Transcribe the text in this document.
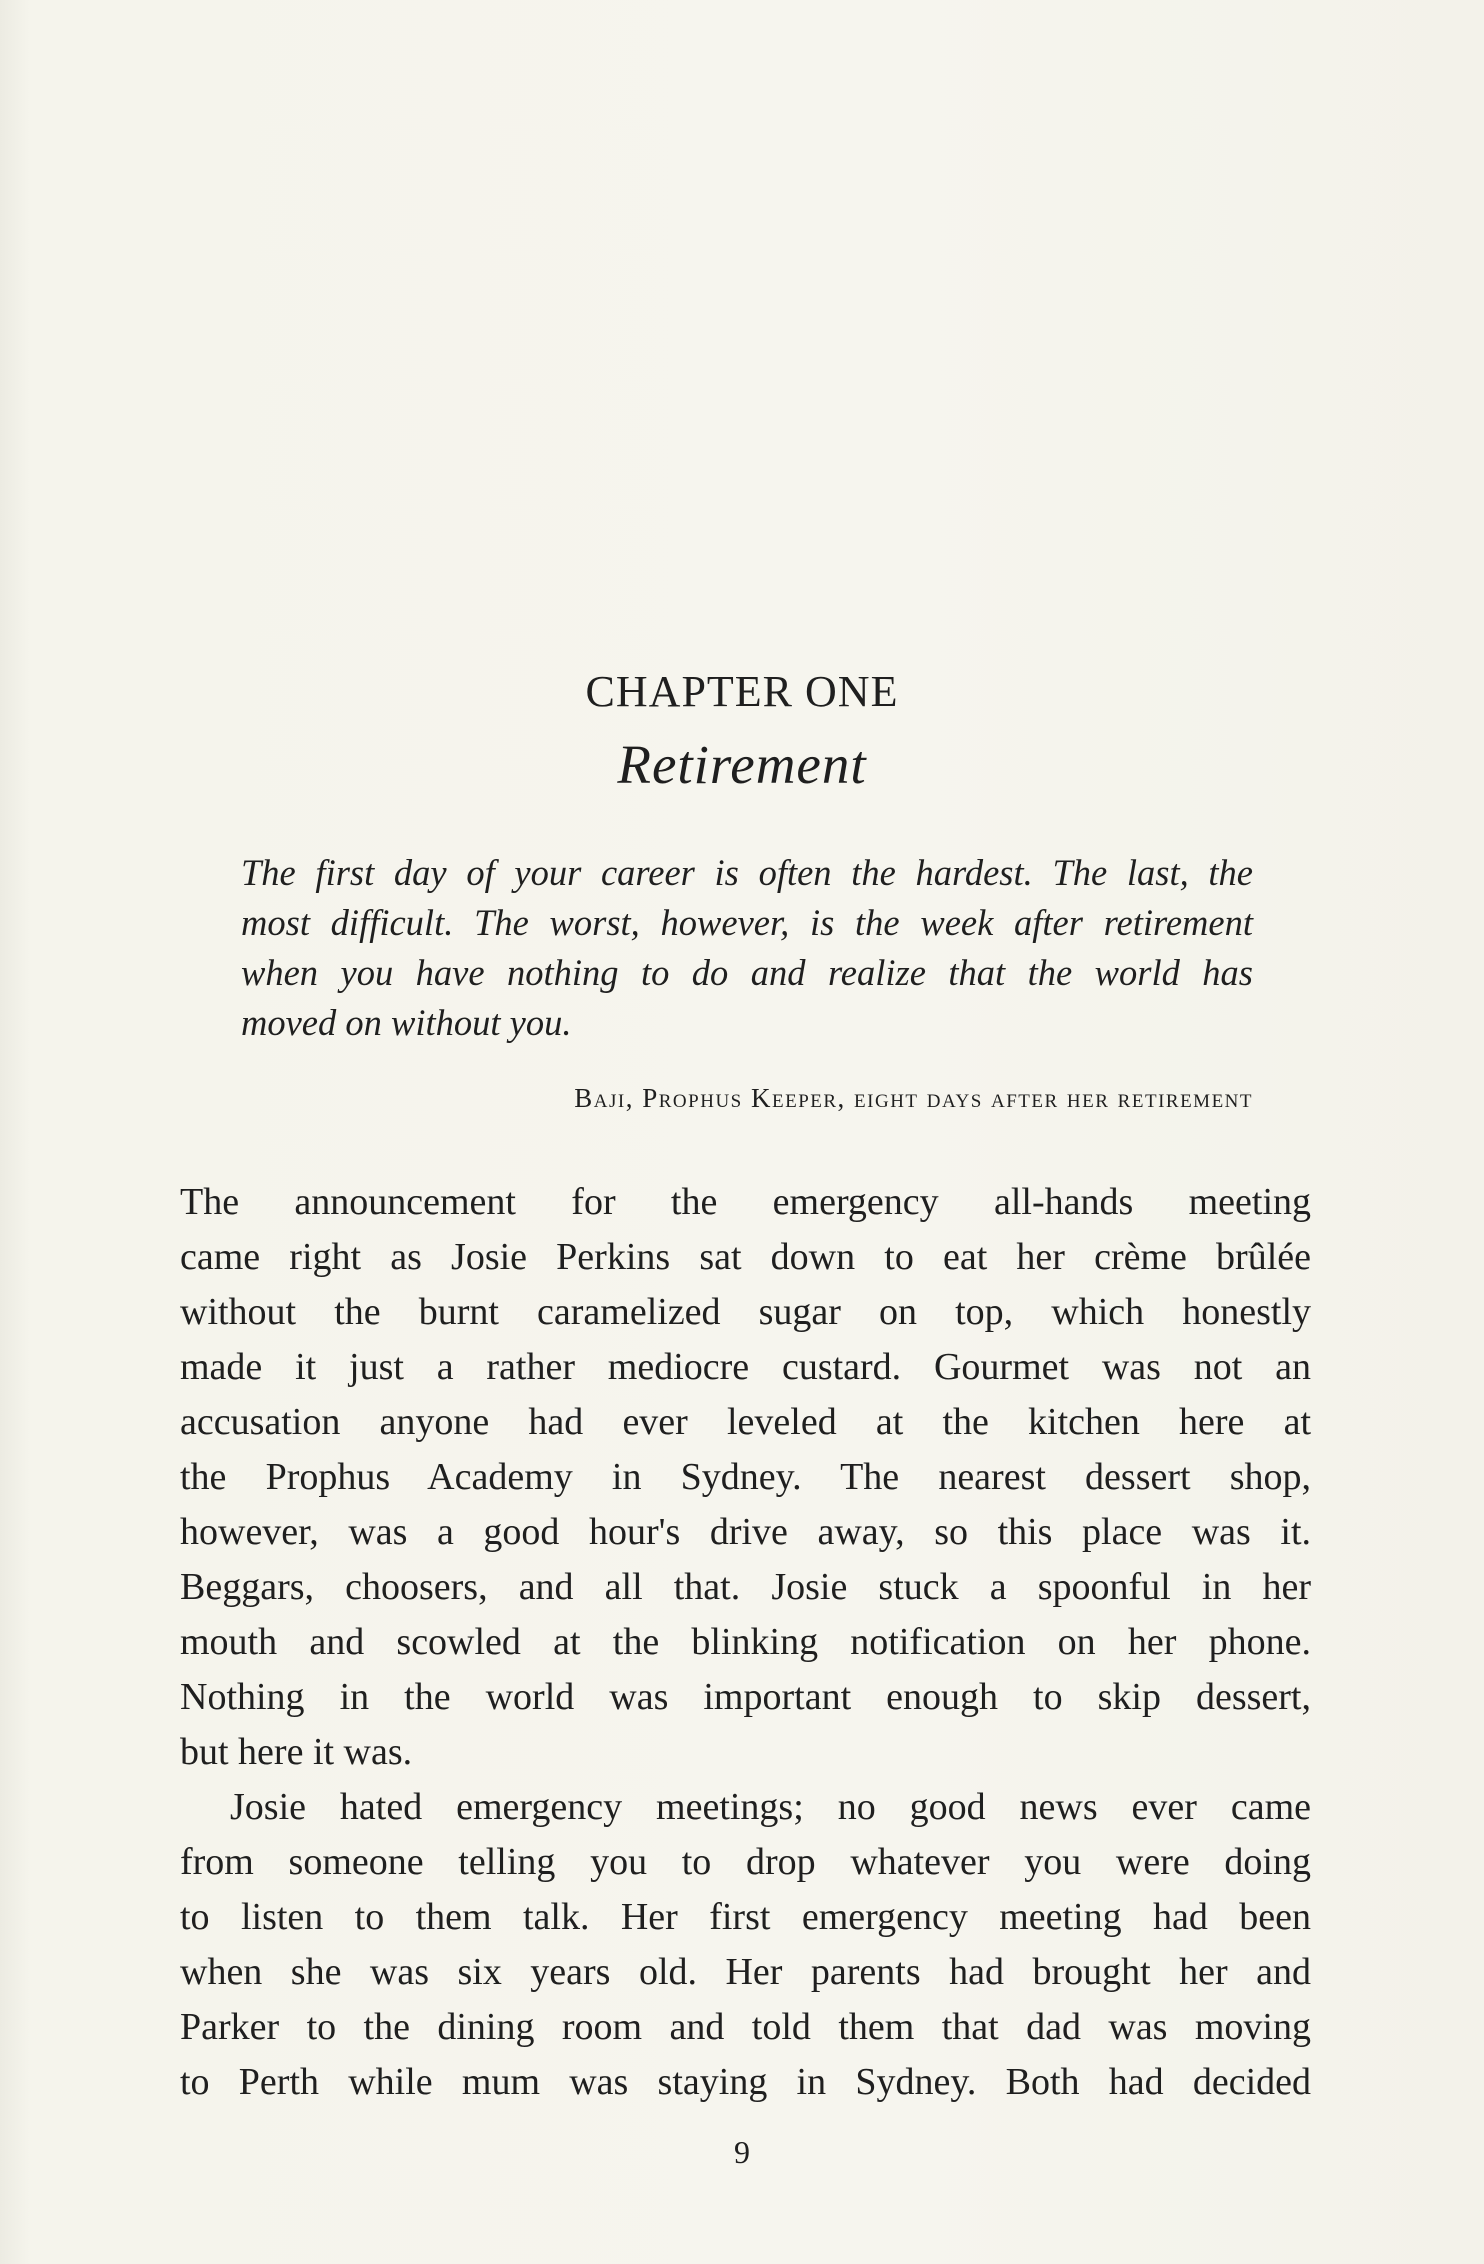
CHAPTER ONE
Retirement
The first day of your career is often the hardest. The last, the
most difficult. The worst, however, is the week after retirement
when you have nothing to do and realize that the world has
moved on without you.
Baji, Prophus Keeper, eight days after her retirement
The announcement for the emergency all-hands meeting
came right as Josie Perkins sat down to eat her crème brûlée
without the burnt caramelized sugar on top, which honestly
made it just a rather mediocre custard. Gourmet was not an
accusation anyone had ever leveled at the kitchen here at
the Prophus Academy in Sydney. The nearest dessert shop,
however, was a good hour's drive away, so this place was it.
Beggars, choosers, and all that. Josie stuck a spoonful in her
mouth and scowled at the blinking notification on her phone.
Nothing in the world was important enough to skip dessert,
but here it was.
Josie hated emergency meetings; no good news ever came
from someone telling you to drop whatever you were doing
to listen to them talk. Her first emergency meeting had been
when she was six years old. Her parents had brought her and
Parker to the dining room and told them that dad was moving
to Perth while mum was staying in Sydney. Both had decided
9
